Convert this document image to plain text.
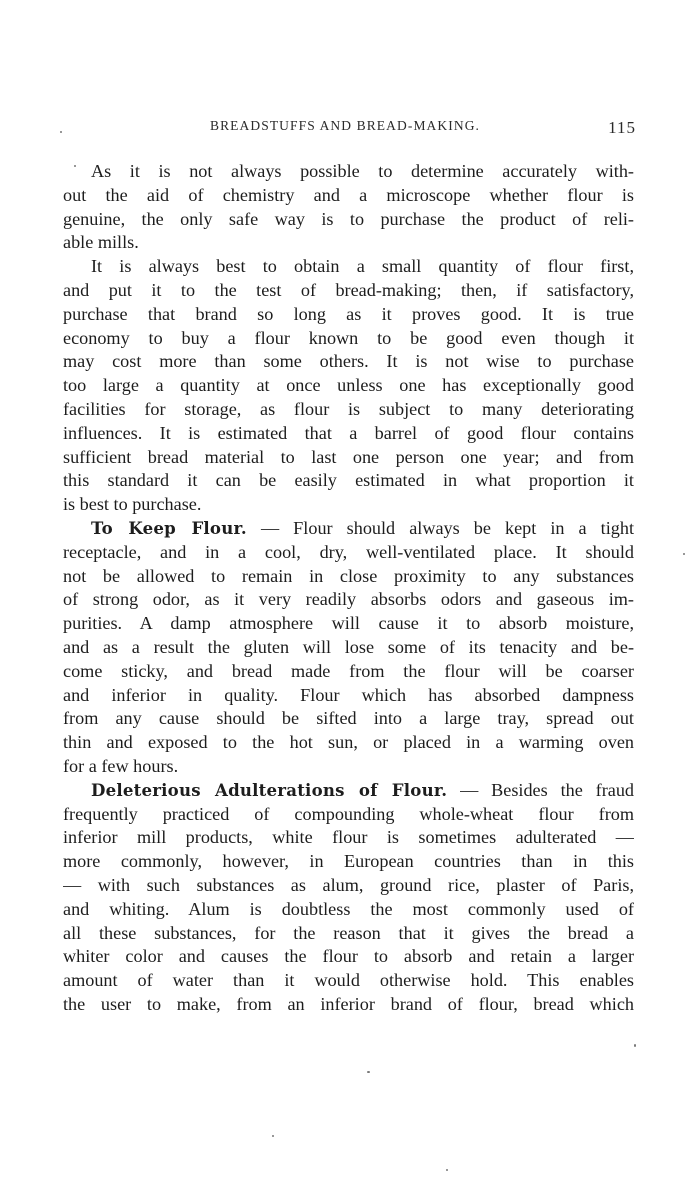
BREADSTUFFS AND BREAD-MAKING.	115
As it is not always possible to determine accurately with-
out the aid of chemistry and a microscope whether flour is
genuine, the only safe way is to purchase the product of reli-
able mills.
It is always best to obtain a small quantity of flour first,
and put it to the test of bread-making; then, if satisfactory,
purchase that brand so long as it proves good. It is true
economy to buy a flour known to be good even though it
may cost more than some others. It is not wise to purchase
too large a quantity at once unless one has exceptionally good
facilities for storage, as flour is subject to many deteriorating
influences. It is estimated that a barrel of good flour contains
sufficient bread material to last one person one year; and from
this standard it can be easily estimated in what proportion it
is best to purchase.
To Keep Flour. — Flour should always be kept in a tight
receptacle, and in a cool, dry, well-ventilated place. It should
not be allowed to remain in close proximity to any substances
of strong odor, as it very readily absorbs odors and gaseous im-
purities. A damp atmosphere will cause it to absorb moisture,
and as a result the gluten will lose some of its tenacity and be-
come sticky, and bread made from the flour will be coarser
and inferior in quality. Flour which has absorbed dampness
from any cause should be sifted into a large tray, spread out
thin and exposed to the hot sun, or placed in a warming oven
for a few hours.
Deleterious Adulterations of Flour. — Besides the fraud
frequently practiced of compounding whole-wheat flour from
inferior mill products, white flour is sometimes adulterated —
more commonly, however, in European countries than in this
— with such substances as alum, ground rice, plaster of Paris,
and whiting. Alum is doubtless the most commonly used of
all these substances, for the reason that it gives the bread a
whiter color and causes the flour to absorb and retain a larger
amount of water than it would otherwise hold. This enables
the user to make, from an inferior brand of flour, bread which
